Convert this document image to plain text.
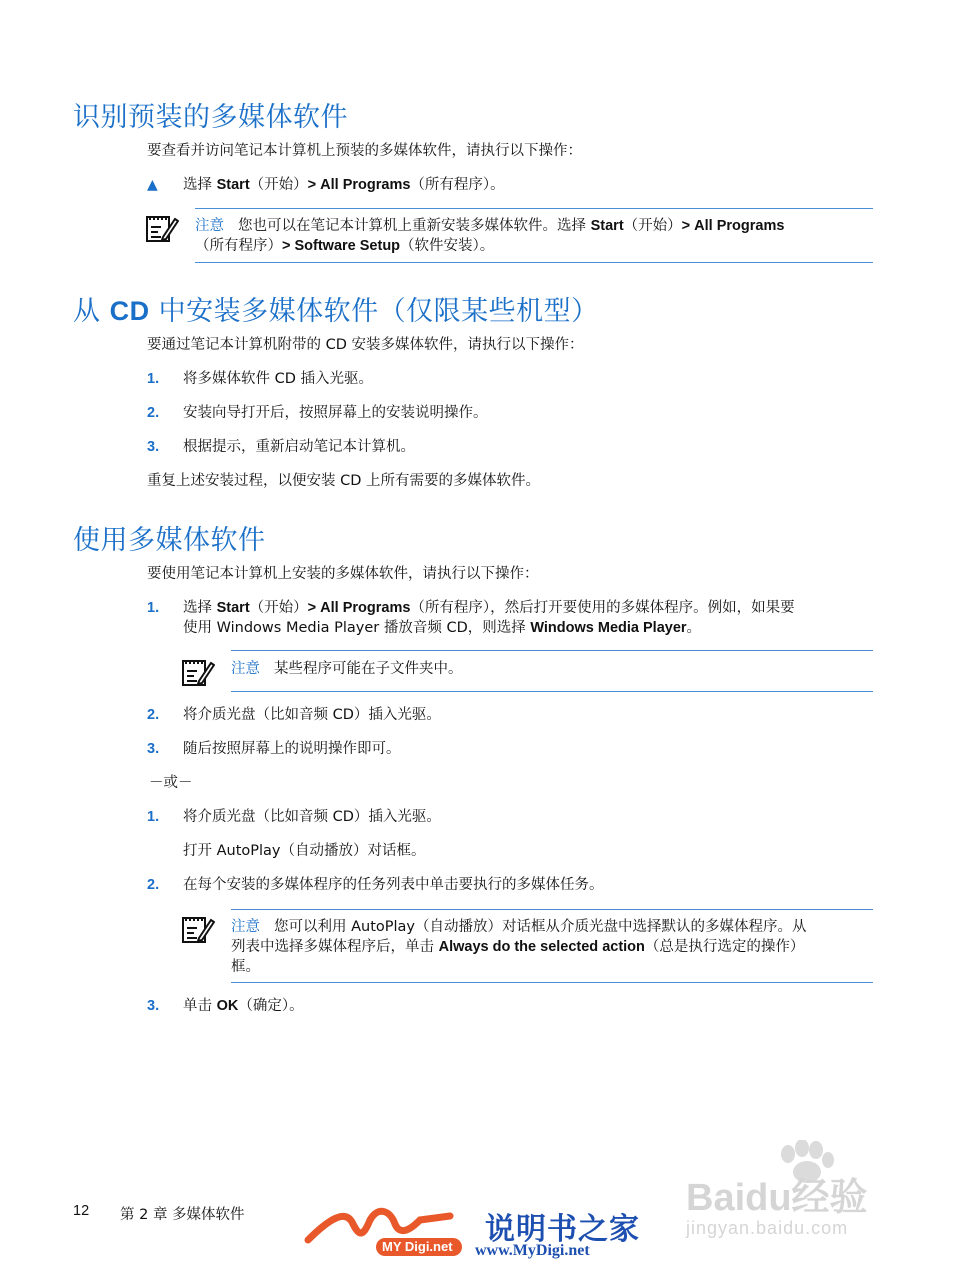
识别预装的多媒体软件

要查看并访问笔记本计算机上预装的多媒体软件，请执行以下操作：

▲ 选择 Start（开始）> All Programs（所有程序）。

注意 您也可以在笔记本计算机上重新安装多媒体软件。选择 Start（开始）> All Programs

（所有程序）> Software Setup（软件安装）。

从 CD 中安装多媒体软件（仅限某些机型）

要通过笔记本计算机附带的 CD 安装多媒体软件，请执行以下操作：

1. 将多媒体软件 CD 插入光驱。

2. 安装向导打开后，按照屏幕上的安装说明操作。

3. 根据提示，重新启动笔记本计算机。

重复上述安装过程，以便安装 CD 上所有需要的多媒体软件。

使用多媒体软件

要使用笔记本计算机上安装的多媒体软件，请执行以下操作：

1. 选择 Start（开始）> All Programs（所有程序），然后打开要使用的多媒体程序。例如，如果要

使用 Windows Media Player 播放音频 CD，则选择 Windows Media Player。

注意 某些程序可能在子文件夹中。

2. 将介质光盘（比如音频 CD）插入光驱。

3. 随后按照屏幕上的说明操作即可。

－或－

1. 将介质光盘（比如音频 CD）插入光驱。

打开 AutoPlay（自动播放）对话框。

2. 在每个安装的多媒体程序的任务列表中单击要执行的多媒体任务。

注意 您可以利用 AutoPlay（自动播放）对话框从介质光盘中选择默认的多媒体程序。从

列表中选择多媒体程序后，单击 Always do the selected action（总是执行选定的操作）

框。

3. 单击 OK（确定）。

12 第 2 章 多媒体软件
MY Digi.net 说明书之家
www.MyDigi.net
Baidu经验
jingyan.baidu.com
